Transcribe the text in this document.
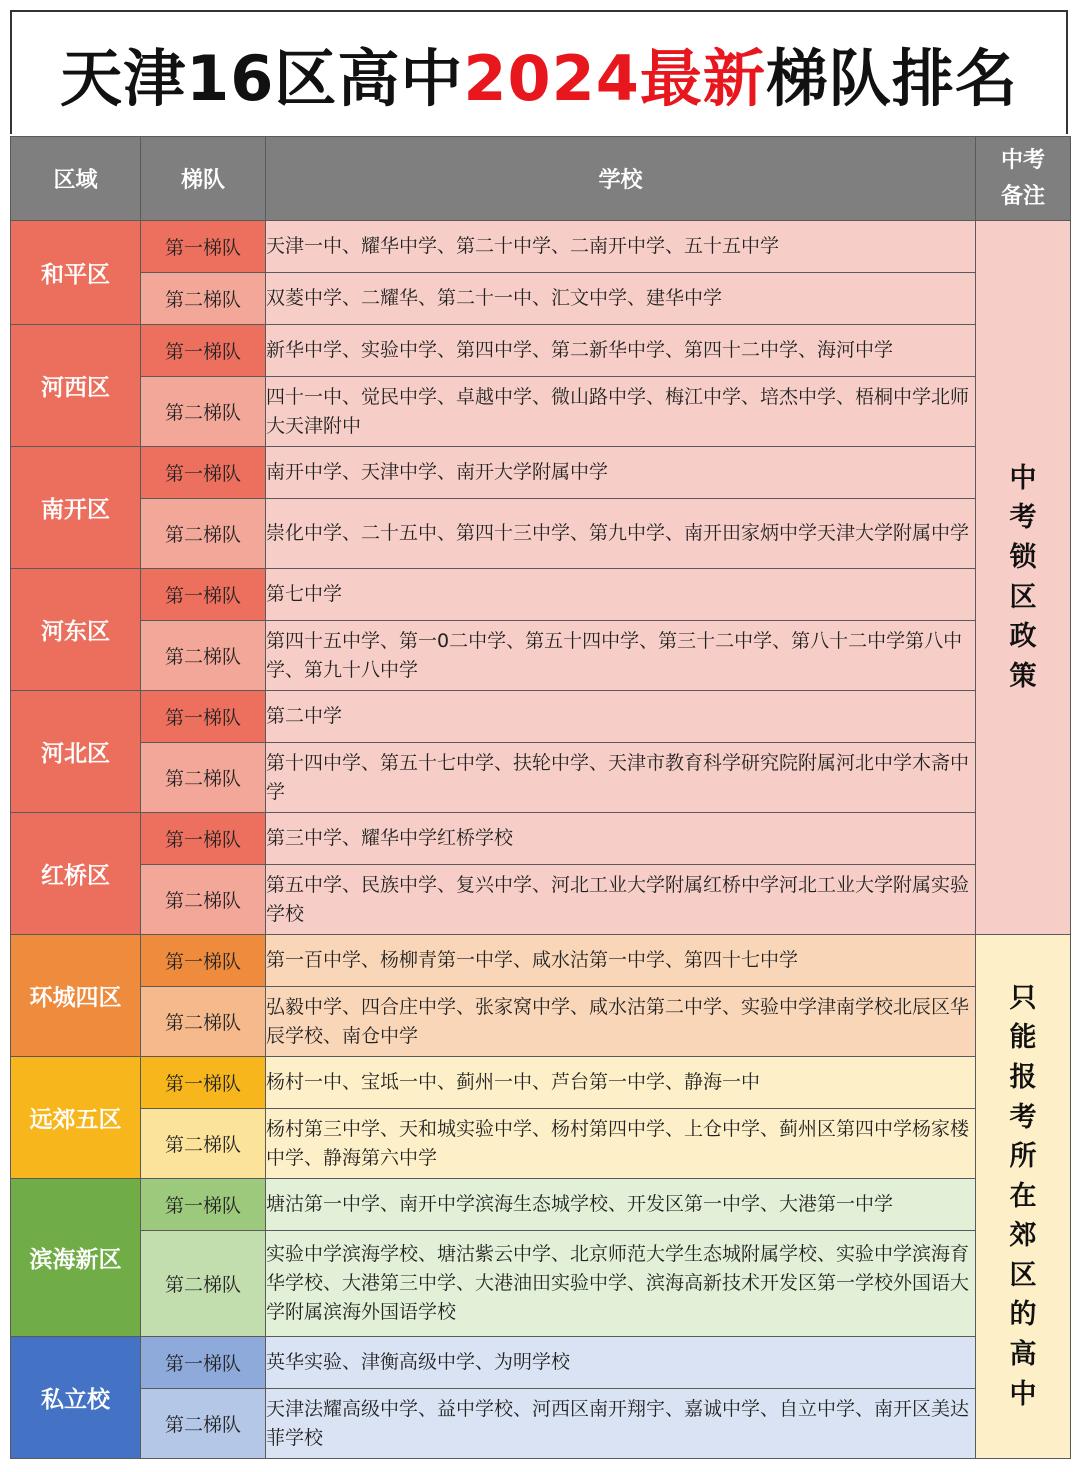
天津16区高中2024最新梯队排名
区域	梯队	学校	中考备注

和平区	第一梯队	天津一中、耀华中学、第二十中学、二南开中学、五十五中学	中考锁区政策
	第二梯队	双菱中学、二耀华、第二十一中、汇文中学、建华中学	
河西区	第一梯队	新华中学、实验中学、第四中学、第二新华中学、第四十二中学、海河中学	
	第二梯队	四十一中、觉民中学、卓越中学、微山路中学、梅江中学、培杰中学、梧桐中学北师大天津附中	
南开区	第一梯队	南开中学、天津中学、南开大学附属中学	
	第二梯队	崇化中学、二十五中、第四十三中学、第九中学、南开田家炳中学天津大学附属中学	
河东区	第一梯队	第七中学	
	第二梯队	第四十五中学、第一0二中学、第五十四中学、第三十二中学、第八十二中学第八中学、第九十八中学	
河北区	第一梯队	第二中学	
	第二梯队	第十四中学、第五十七中学、扶轮中学、天津市教育科学研究院附属河北中学木斋中学	
红桥区	第一梯队	第三中学、耀华中学红桥学校	
	第二梯队	第五中学、民族中学、复兴中学、河北工业大学附属红桥中学河北工业大学附属实验学校	
环城四区	第一梯队	第一百中学、杨柳青第一中学、咸水沽第一中学、第四十七中学	只能报考所在郊区的高中
	第二梯队	弘毅中学、四合庄中学、张家窝中学、咸水沽第二中学、实验中学津南学校北辰区华辰学校、南仓中学	
远郊五区	第一梯队	杨村一中、宝坻一中、蓟州一中、芦台第一中学、静海一中	
	第二梯队	杨村第三中学、天和城实验中学、杨村第四中学、上仓中学、蓟州区第四中学杨家楼中学、静海第六中学	
滨海新区	第一梯队	塘沽第一中学、南开中学滨海生态城学校、开发区第一中学、大港第一中学	
	第二梯队	实验中学滨海学校、塘沽紫云中学、北京师范大学生态城附属学校、实验中学滨海育华学校、大港第三中学、大港油田实验中学、滨海高新技术开发区第一学校外国语大学附属滨海外国语学校	
私立校	第一梯队	英华实验、津衡高级中学、为明学校	
	第二梯队	天津法耀高级中学、益中学校、河西区南开翔宇、嘉诚中学、自立中学、南开区美达菲学校	
